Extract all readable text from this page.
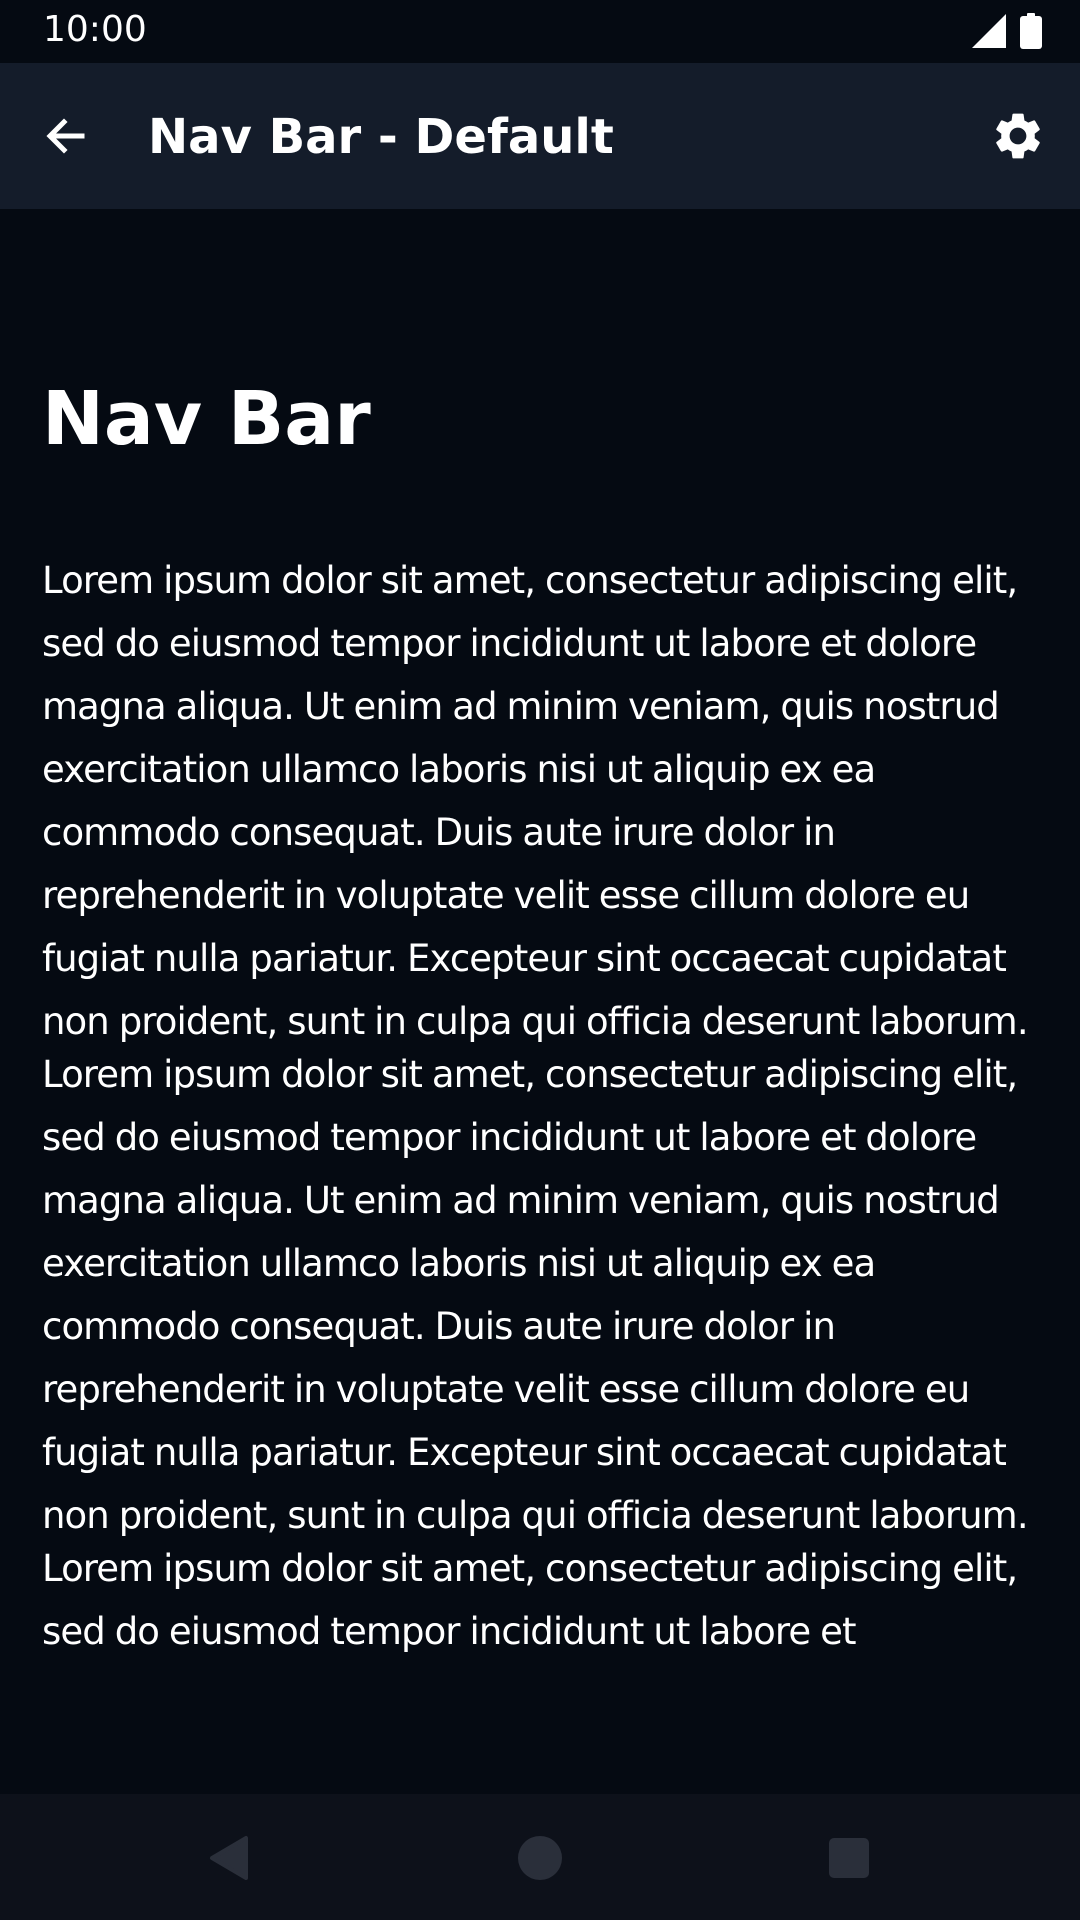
10:00
Nav Bar - Default
Nav Bar

Lorem ipsum dolor sit amet, consectetur adipiscing elit, sed do eiusmod tempor incididunt ut labore et dolore magna aliqua. Ut enim ad minim veniam, quis nostrud exercitation ullamco laboris nisi ut aliquip ex ea commodo consequat. Duis aute irure dolor in reprehenderit in voluptate velit esse cillum dolore eu fugiat nulla pariatur. Excepteur sint occaecat cupidatat non proident, sunt in culpa qui officia deserunt laborum.

Lorem ipsum dolor sit amet, consectetur adipiscing elit, sed do eiusmod tempor incididunt ut labore et dolore magna aliqua. Ut enim ad minim veniam, quis nostrud exercitation ullamco laboris nisi ut aliquip ex ea commodo consequat. Duis aute irure dolor in reprehenderit in voluptate velit esse cillum dolore eu fugiat nulla pariatur. Excepteur sint occaecat cupidatat non proident, sunt in culpa qui officia deserunt laborum.

Lorem ipsum dolor sit amet, consectetur adipiscing elit, sed do eiusmod tempor incididunt ut labore et
